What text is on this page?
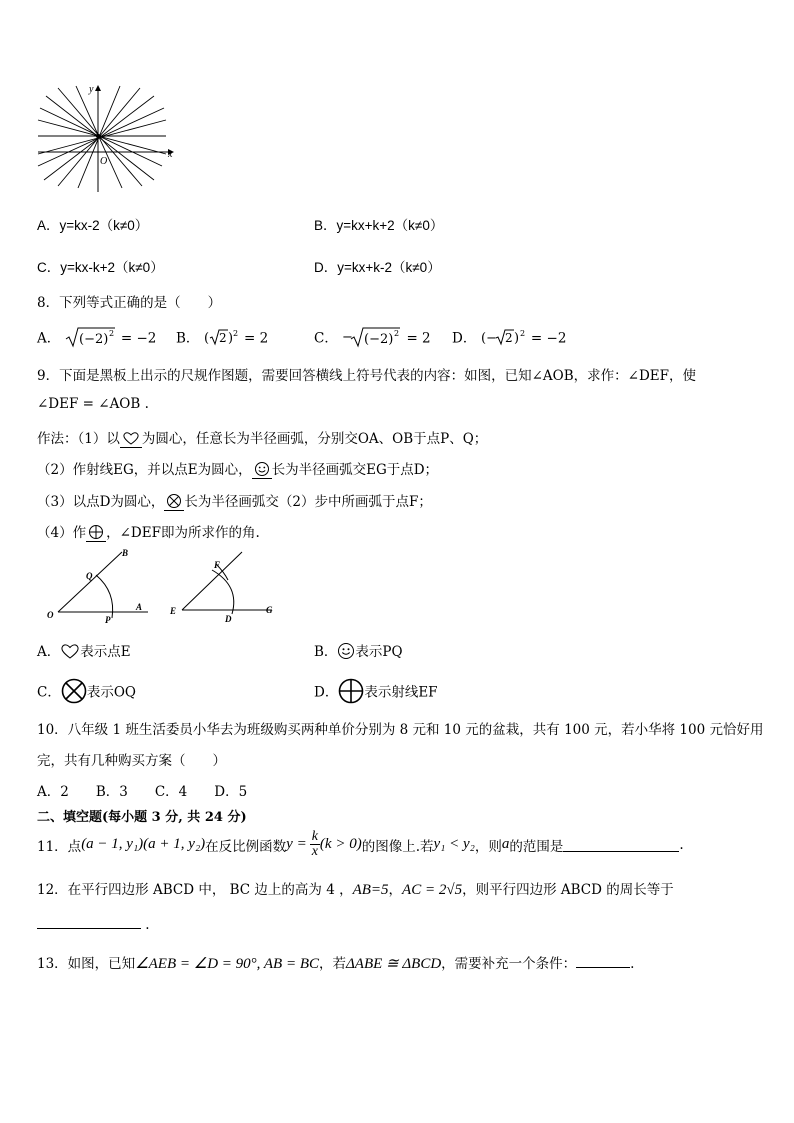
x
y
O
A．y=kx-2（k≠0）	B．y=kx+k+2（k≠0）
C．y=kx-k+2（k≠0）	D．y=kx+k-2（k≠0）
8．下列等式正确的是（　　）
A． (−2) 2 = −2 B． ( 2 ) 2 = 2	C． − (−2) 2 = 2 D． (− 2 ) 2 = −2
9．下面是黑板上出示的尺规作图题，需要回答横线上符号代表的内容：如图，已知∠AOB，求作：∠DEF，使
∠DEF = ∠AOB .
作法：（1）以 为圆心，任意长为半径画弧，分别交OA、OB于点P、Q；
（2）作射线EG，并以点E为圆心， 长为半径画弧交EG于点D；
（3）以点D为圆心， 长为半径画弧交（2）步中所画弧于点F；
（4）作 ，∠DEF即为所求作的角.
B
Q
O	P
A
F
E
D
G
A． 表示点E	B． 表示PQ
C． 表示OQ	D． 表示射线EF
10．八年级 1 班生活委员小华去为班级购买两种单价分别为 8 元和 10 元的盆栽，共有 100 元，若小华将 100 元恰好用
完，共有几种购买方案（　　）
A．2　　B．3　　C．4　　D．5
二、填空题(每小题 3 分, 共 24 分)
11．点 (a − 1, y₁)(a + 1, y₂) 在反比例函数 $y = \frac{k}{x} (k > 0)$ 的图像上.若 y₁ < y₂ ，则 a 的范围是	.
12．在平行四边形 ABCD 中， BC 边上的高为 4 ，AB=5，AC = 2√5，则平行四边形 ABCD 的周长等于
.
13．如图，已知∠AEB = ∠D = 90°, AB = BC，若ΔABE ≅ ΔBCD，需要补充一个条件：	.
